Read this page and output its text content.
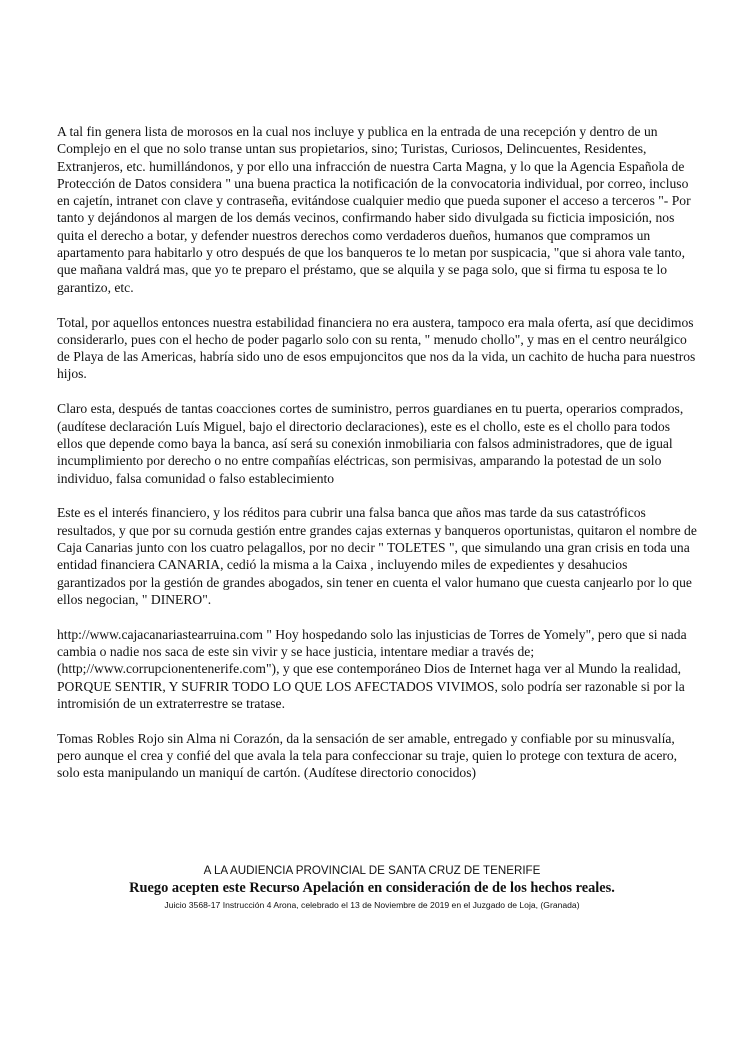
A tal fin genera lista de morosos en la cual nos incluye y publica en la entrada de una recepción y dentro de un Complejo en el que no solo transe untan sus propietarios, sino; Turistas, Curiosos, Delincuentes, Residentes, Extranjeros, etc. humillándonos, y por ello una infracción de nuestra Carta Magna, y lo que la Agencia Española de Protección de Datos considera " una buena practica la notificación de la convocatoria individual, por correo, incluso en cajetín, intranet con clave y contraseña, evitándose cualquier medio que pueda suponer el acceso a terceros "- Por tanto y dejándonos al margen de los demás vecinos, confirmando haber sido divulgada su ficticia imposición, nos quita el derecho a botar, y defender nuestros derechos como verdaderos dueños, humanos que compramos un apartamento para habitarlo y otro después de que los banqueros te lo metan por suspicacia, "que si ahora vale tanto, que mañana valdrá mas, que yo te preparo el préstamo, que se alquila y se paga solo, que si firma tu esposa te lo garantizo, etc.

Total, por aquellos entonces nuestra estabilidad financiera no era austera, tampoco era mala oferta, así que decidimos considerarlo, pues con el hecho de poder pagarlo solo con su renta, " menudo chollo", y mas en el centro neurálgico de Playa de las Americas, habría sido uno de esos empujoncitos que nos da la vida, un cachito de hucha para nuestros hijos.

Claro esta, después de tantas coacciones cortes de suministro, perros guardianes en tu puerta, operarios comprados, (audítese declaración Luís Miguel, bajo el directorio declaraciones), este es el chollo, este es el chollo para todos ellos que depende como baya la banca, así será su conexión inmobiliaria con falsos administradores, que de igual incumplimiento por derecho o no entre compañías eléctricas, son permisivas, amparando la potestad de un solo individuo, falsa comunidad o falso establecimiento

Este es el interés financiero, y los réditos para cubrir una falsa banca que años mas tarde da sus catastróficos resultados, y que por su cornuda gestión entre grandes cajas externas y banqueros oportunistas, quitaron el nombre de Caja Canarias junto con los cuatro pelagallos, por no decir " TOLETES ", que simulando una gran crisis en toda una entidad financiera CANARIA, cedió la misma a la Caixa , incluyendo miles de expedientes y desahucios garantizados por la gestión de grandes abogados, sin tener en cuenta el valor humano que cuesta canjearlo por lo que ellos negocian, " DINERO".

http://www.cajacanariastearruina.com " Hoy hospedando solo las injusticias de Torres de Yomely", pero que si nada cambia o nadie nos saca de este sin vivir y se hace justicia, intentare mediar a través de; (http;//www.corrupcionentenerife.com"), y que ese contemporáneo Dios de Internet haga ver al Mundo la realidad, PORQUE SENTIR, Y SUFRIR TODO LO QUE LOS AFECTADOS VIVIMOS, solo podría ser razonable si por la intromisión de un extraterrestre se tratase.

Tomas Robles Rojo sin Alma ni Corazón, da la sensación de ser amable, entregado y confiable por su minusvalía, pero aunque el crea y confié del que avala la tela para confeccionar su traje, quien lo protege con textura de acero, solo esta manipulando un maniquí de cartón. (Audítese directorio conocidos)

A LA AUDIENCIA PROVINCIAL DE SANTA CRUZ DE TENERIFE
Ruego acepten este Recurso Apelación en consideración de de los hechos reales.
Juicio 3568-17 Instrucción 4 Arona, celebrado el 13 de Noviembre de 2019 en el Juzgado de Loja, (Granada)
